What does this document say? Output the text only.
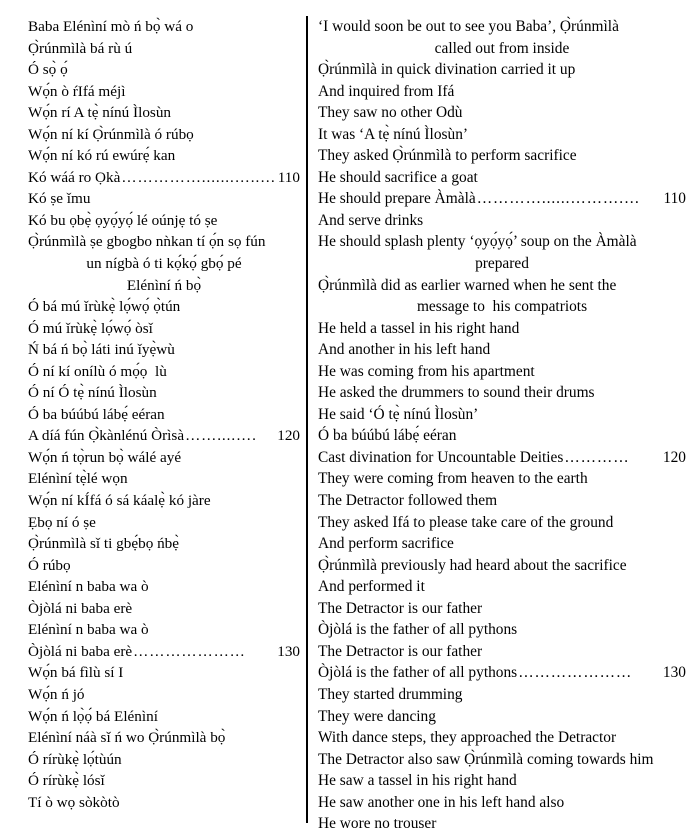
Baba Elénìní mò ń bọ̀ wá o
Ọ̀rúnmìlà bá rù ú
Ó sọ̀ ọ́
Wọ́n ò ŕIfá méjì
Wọ́n rí A tẹ̀ nínú Ìlosùn
Wọ́n ní kí Ọ̀rúnmìlà ó rúbọ
Wọ́n ní kó rú ewúrẹ́ kan
Kó wáá ro Ọkà …………….......…..… 110
Kó ṣe ǐmu
Kó bu ọbẹ̀ ọyọ́yọ́ lé oúnjẹ tó ṣe
Ọ̀rúnmìlà ṣe gbogbo nǹkan tí ọ́n sọ fún
un nígbà ó ti kọ́kọ́ gbọ́ pé
Elénìní ń bọ̀
Ó bá mú ǐrùkẹ̀ lọ́wọ́ ọ̀tún
Ó mú ǐrùkẹ̀ lọ́wọ́ òsǐ
Ń bá ń bọ̀ láti inú ǐyẹ̀wù
Ó ní kí onílù ó mọ́ọ  lù
Ó ní Ó tẹ̀ nínú Ìlosùn
Ó ba búúbú lábẹ́ eéran
A díá fún Ọ̀kànlénú Òrìsà ……....….	120
Wọ́n ń tọ̀run bọ̀ wálé ayé
Elénìní tẹ̀lé wọn
Wọ́n ní kÍfá ó sá káalẹ̀ kó jàre
Ẹbọ ní ó ṣe
Ọ̀rúnmìlà sǐ ti gbẹ́bọ ńbẹ̀
Ó rúbọ
Elénìní n baba wa ò
Òjòlá ni baba erè
Elénìní n baba wa ò
Òjòlá ni baba erè …………………	130
Wọ́n bá fìlù sí I
Wọ́n ń jó
Wọ́n ń lọ̀ọ́ bá Elénìní
Elénìní náà sǐ ń wo Ọ̀rúnmìlà bọ̀
Ó rírùkẹ̀ lọ́tùún
Ó rírùkẹ̀ lósǐ
Tí ò wọ sòkòtò
‘I would soon be out to see you Baba’, Ọ̀rúnmìlà
called out from inside
Ọ̀rúnmìlà in quick divination carried it up
And inquired from Ifá
They saw no other Odù
It was ‘A tẹ̀ nínú Ìlosùn’
They asked Ọ̀rúnmìlà to perform sacrifice
He should sacrifice a goat
He should prepare Àmàlà …………......……….…	110
And serve drinks
He should splash plenty ‘ọyọ́yọ́’ soup on the Àmàlà
prepared
Ọ̀rúnmìlà did as earlier warned when he sent the
message to  his compatriots
He held a tassel in his right hand
And another in his left hand
He was coming from his apartment
He asked the drummers to sound their drums
He said ‘Ó tẹ̀ nínú Ìlosùn’
Ó ba búúbú lábẹ́ eéran
Cast divination for Uncountable Deities …………	120
They were coming from heaven to the earth
The Detractor followed them
They asked Ifá to please take care of the ground
And perform sacrifice
Ọ̀rúnmìlà previously had heard about the sacrifice
And performed it
The Detractor is our father
Òjòlá is the father of all pythons
The Detractor is our father
Òjòlá is the father of all pythons …………………	130
They started drumming
They were dancing
With dance steps, they approached the Detractor
The Detractor also saw Ọ̀rúnmìlà coming towards him
He saw a tassel in his right hand
He saw another one in his left hand also
He wore no trouser
